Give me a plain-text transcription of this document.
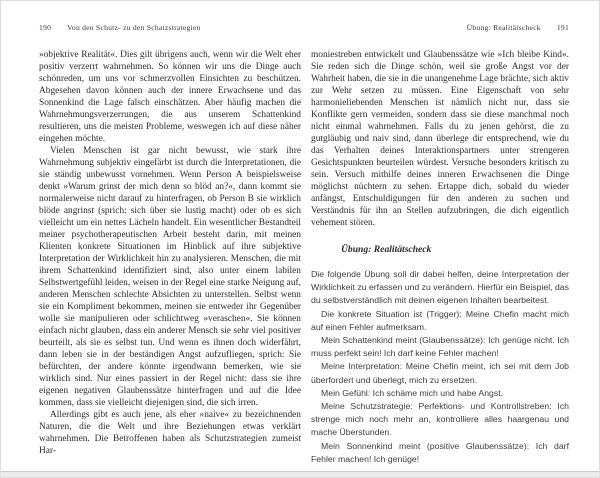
190 Von den Schutz- zu den Schatzstrategien

»objektive Realität«. Dies gilt übrigens auch, wenn wir die Welt eher positiv verzerrt wahrnehmen. So können wir uns die Dinge auch schönreden, um uns vor schmerzvollen Einsichten zu beschützen. Abgesehen davon können auch der innere Erwachsene und das Sonnenkind die Lage falsch einschätzen. Aber häufig machen die Wahrnehmungsverzerrungen, die aus unserem Schattenkind resultieren, uns die meisten Probleme, weswegen ich auf diese näher eingehen möchte.

Vielen Menschen ist gar nicht bewusst, wie stark ihre Wahrnehmung subjektiv eingefärbt ist durch die Interpretationen, die sie ständig unbewusst vornehmen. Wenn Person A beispielsweise denkt »Warum grinst der mich denn so blöd an?«, dann kommt sie normalerweise nicht darauf zu hinterfragen, ob Person B sie wirklich blöde angrinst (sprich: sich über sie lustig macht) oder ob es sich vielleicht um ein nettes Lächeln handelt. Ein wesentlicher Bestandteil meiner psychotherapeutischen Arbeit besteht darin, mit meinen Klienten konkrete Situationen im Hinblick auf ihre subjektive Interpretation der Wirklichkeit hin zu analysieren. Menschen, die mit ihrem Schattenkind identifiziert sind, also unter einem labilen Selbstwertgefühl leiden, weisen in der Regel eine starke Neigung auf, anderen Menschen schlechte Absichten zu unterstellen. Selbst wenn sie ein Kompliment bekommen, meinen sie entweder ihr Gegenüber wolle sie manipulieren oder schlichtweg »veraschen«. Sie können einfach nicht glauben, dass ein anderer Mensch sie sehr viel positiver beurteilt, als sie es selbst tun. Und wenn es ihnen doch widerfährt, dann leben sie in der beständigen Angst aufzufliegen, sprich: Sie befürchten, der andere könnte irgendwann bemerken, wie sie wirklich sind. Nur eines passiert in der Regel nicht: dass sie ihre eigenen negativen Glaubenssätze hinterfragen und auf die Idee kommen, dass sie vielleicht diejenigen sind, die sich irren.

Allerdings gibt es auch jene, als eher »naive« zu bezeichnenden Naturen, die die Welt und ihre Beziehungen etwas verklärt wahrnehmen. Die Betroffenen haben als Schutzstrategien zumeist Har-

Übung: Realitätscheck 191

moniestreben entwickelt und Glaubenssätze wie »Ich bleibe Kind«. Sie reden sich die Dinge schön, weil sie große Angst vor der Wahrheit haben, die sie in die unangenehme Lage brächte, sich aktiv zur Wehr setzen zu müssen. Eine Eigenschaft von sehr harmonieliebenden Menschen ist nämlich nicht nur, dass sie Konflikte gern vermeiden, sondern dass sie diese manchmal noch nicht einmal wahrnehmen. Falls du zu jenen gehörst, die zu gutgläubig und naiv sind, dann überlege dir entsprechend, wie du das Verhalten deines Interaktionspartners unter strengeren Gesichtspunkten beurteilen würdest. Versuche besonders kritisch zu sein. Versuch mithilfe deines inneren Erwachsenen die Dinge möglichst nüchtern zu sehen. Ertappe dich, sobald du wieder anfängst, Entschuldigungen für den anderen zu suchen und Verständnis für ihn an Stellen aufzubringen, die dich eigentlich vehement stören.

Übung: Realitätscheck

Die folgende Übung soll dir dabei helfen, deine Interpretation der Wirklichkeit zu erfassen und zu verändern. Hierfür ein Beispiel, das du selbstverständlich mit deinen eigenen Inhalten bearbeitest.

Die konkrete Situation ist (Trigger): Meine Chefin macht mich auf einen Fehler aufmerksam.

Mein Schattenkind meint (Glaubenssätze): Ich genüge nicht. Ich muss perfekt sein! Ich darf keine Fehler machen!

Meine Interpretation: Meine Chefin meint, ich sei mit dem Job überfordert und überlegt, mich zu ersetzen.

Mein Gefühl: Ich schäme mich und habe Angst.

Meine Schutzstrategie: Perfektions- und Kontrollstreben: Ich strenge mich noch mehr an, kontrolliere alles haargenau und mache Überstunden.

Mein Sonnenkind meint (positive Glaubenssätze): Ich darf Fehler machen! Ich genüge!
